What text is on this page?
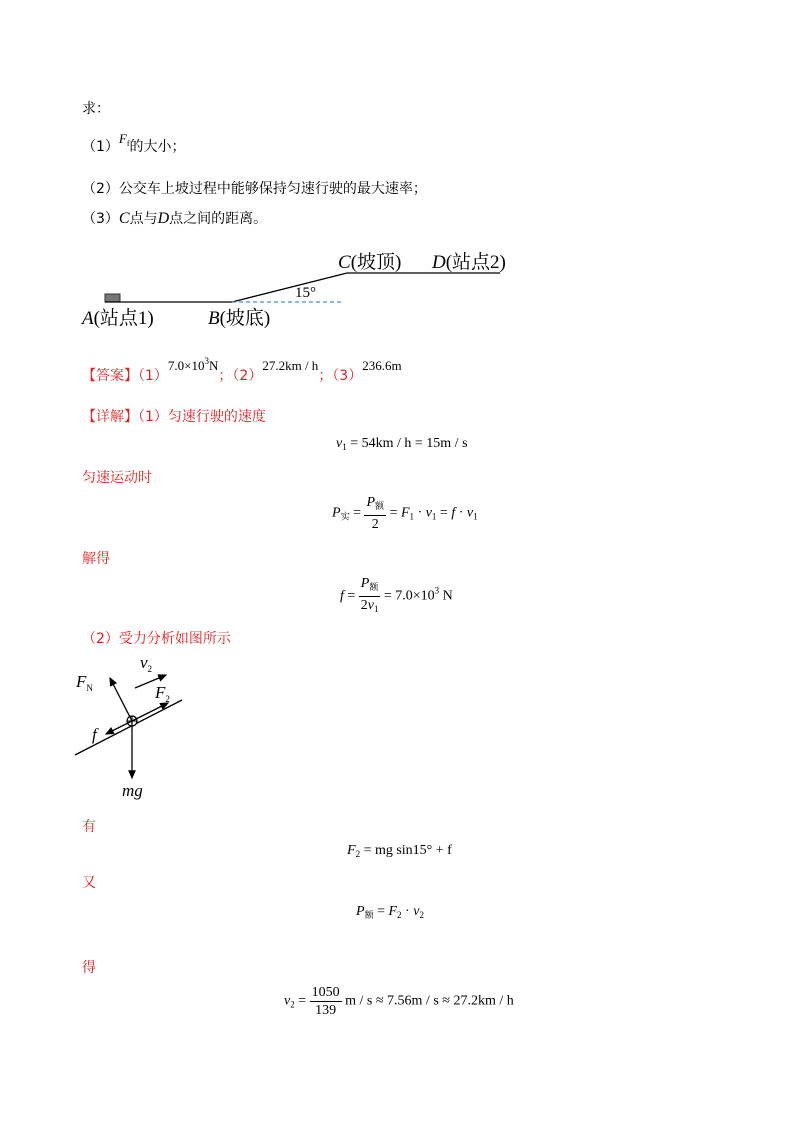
求：
$(1)F_f$的大小；
（2）公交车上坡过程中能够保持匀速行驶的最大速率；
（3）C点与D点之间的距离。
15°
C(坡顶) D(站点2)
A(站点1)	B(坡底)
【答案】$(1)7.0\times 10^3N$；（2）27.2km / h；（3）236.6m
【详解】（1）匀速行驶的速度
$v_1 = 54km / h = 15m / s$
匀速运动时
$P_实 = \frac{P_额}{2} = F_1 \cdot v_1 = f \cdot v_1$
解得
$f = \frac{P_额}{2v_1} = 7.0\times 10^3$ N
（2）受力分析如图所示
$F_N$
$v_2$
$F_2$
f
mg
有
$F_2$ = mg sin15° + f
又
$P_额 = F_2 \cdot v_2$
得
$v_2 = \frac{1050}{139}$ m / s ≈ 7.56m / s ≈ 27.2km / h
